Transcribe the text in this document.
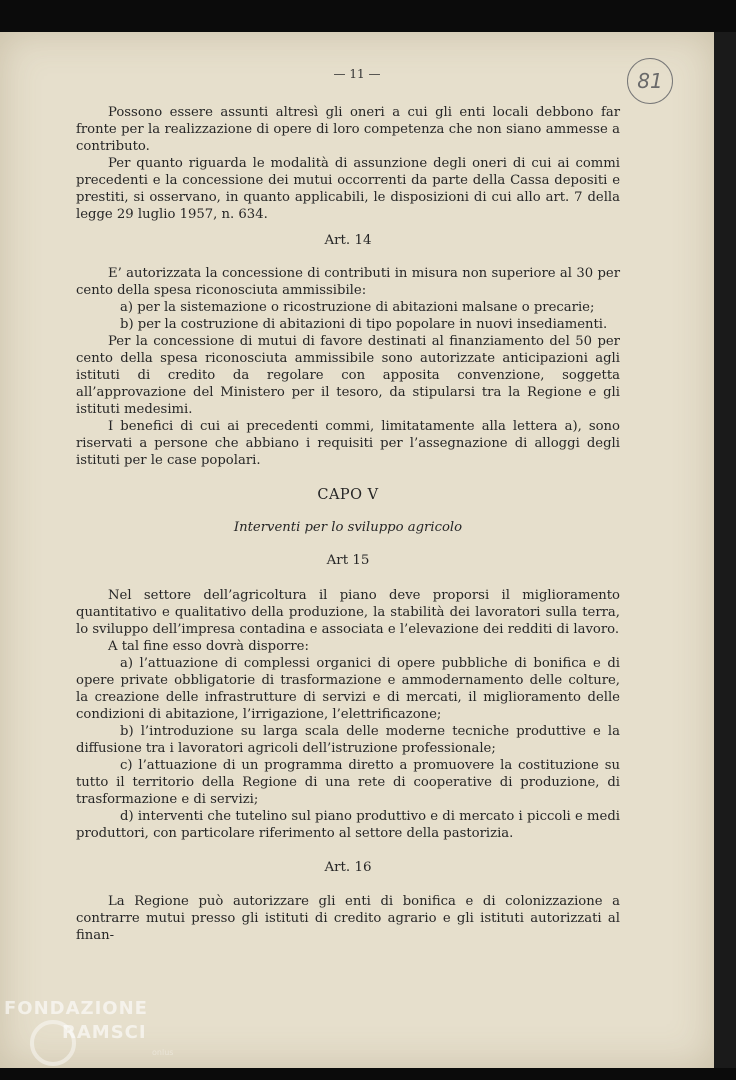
— 11 —	81

Possono essere assunti altresì gli oneri a cui gli enti locali debbono far fronte per la realizzazione di opere di loro competenza che non siano ammesse a contributo.

Per quanto riguarda le modalità di assunzione degli oneri di cui ai commi precedenti e la concessione dei mutui occorrenti da parte della Cassa depositi e prestiti, si osservano, in quanto applicabili, le disposizioni di cui allo art. 7 della legge 29 luglio 1957, n. 634.

Art. 14

E’ autorizzata la concessione di contributi in misura non superiore al 30 per cento della spesa riconosciuta ammissibile:

a) per la sistemazione o ricostruzione di abitazioni malsane o precarie;

b) per la costruzione di abitazioni di tipo popolare in nuovi insediamenti.

Per la concessione di mutui di favore destinati al finanziamento del 50 per cento della spesa riconosciuta ammissibile sono autorizzate anticipazioni agli istituti di credito da regolare con apposita convenzione, soggetta all’approvazione del Ministero per il tesoro, da stipularsi tra la Regione e gli istituti medesimi.

I benefici di cui ai precedenti commi, limitatamente alla lettera a), sono riservati a persone che abbiano i requisiti per l’assegnazione di alloggi degli istituti per le case popolari.

CAPO V

Interventi per lo sviluppo agricolo

Art 15

Nel settore dell’agricoltura il piano deve proporsi il miglioramento quantitativo e qualitativo della produzione, la stabilità dei lavoratori sulla terra, lo sviluppo dell’impresa contadina e associata e l’elevazione dei redditi di lavoro.

A tal fine esso dovrà disporre:

a) l’attuazione di complessi organici di opere pubbliche di bonifica e di opere private obbligatorie di trasformazione e ammodernamento delle colture, la creazione delle infrastrutture di servizi e di mercati, il miglioramento delle condizioni di abitazione, l’irrigazione, l’elettrificazone;

b) l’introduzione su larga scala delle moderne tecniche produttive e la diffusione tra i lavoratori agricoli dell’istruzione professionale;

c) l’attuazione di un programma diretto a promuovere la costituzione su tutto il territorio della Regione di una rete di cooperative di produzione, di trasformazione e di servizi;

d) interventi che tutelino sul piano produttivo e di mercato i piccoli e medi produttori, con particolare riferimento al settore della pastorizia.

Art. 16

La Regione può autorizzare gli enti di bonifica e di colonizzazione a contrarre mutui presso gli istituti di credito agrario e gli istituti autorizzati al finan-

FONDAZIONE
RAMSCI
onlus
